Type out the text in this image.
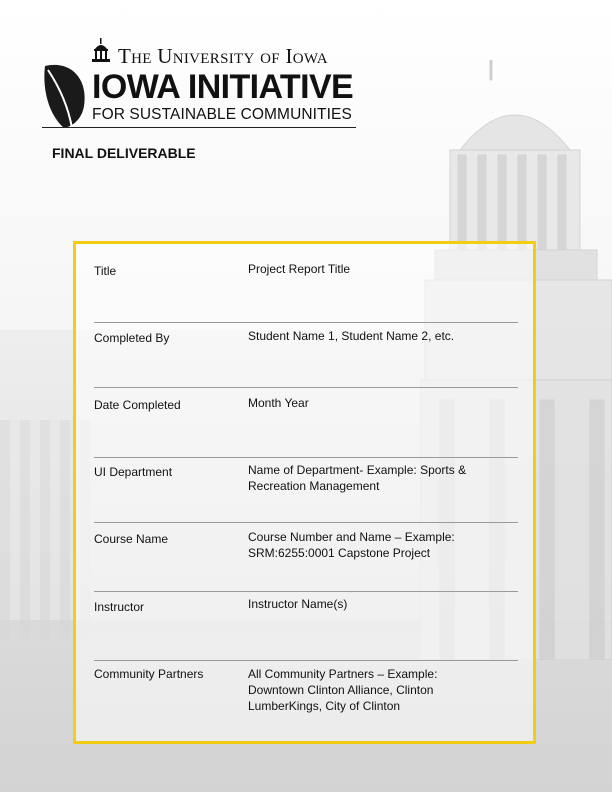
The University of Iowa
IOWA INITIATIVE
FOR SUSTAINABLE COMMUNITIES
FINAL DELIVERABLE
Title	Project Report Title
Completed By	Student Name 1, Student Name 2, etc.
Date Completed	Month Year
UI Department	Name of Department- Example: Sports &
Recreation Management
Course Name	Course Number and Name – Example:
SRM:6255:0001 Capstone Project
Instructor	Instructor Name(s)
Community Partners	All Community Partners – Example:
Downtown Clinton Alliance, Clinton
LumberKings, City of Clinton
